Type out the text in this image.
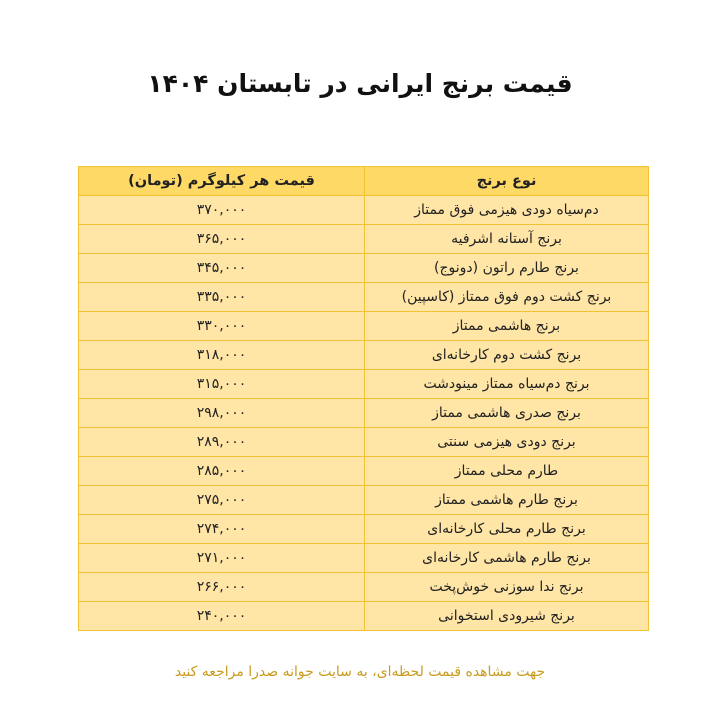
قیمت برنج ایرانی در تابستان ۱۴۰۴
نوع برنج	قیمت هر کیلوگرم (تومان)
دم‌سیاه دودی هیزمی فوق ممتاز	۳۷۰,۰۰۰
برنج آستانه اشرفیه	۳۶۵,۰۰۰
برنج طارم راتون (دونوج)	۳۴۵,۰۰۰
برنج کشت دوم فوق ممتاز (کاسپین)	۳۳۵,۰۰۰
برنج هاشمی ممتاز	۳۳۰,۰۰۰
برنج کشت دوم کارخانه‌ای	۳۱۸,۰۰۰
برنج دم‌سیاه ممتاز مینودشت	۳۱۵,۰۰۰
برنج صدری هاشمی ممتاز	۲۹۸,۰۰۰
برنج دودی هیزمی سنتی	۲۸۹,۰۰۰
طارم محلی ممتاز	۲۸۵,۰۰۰
برنج طارم هاشمی ممتاز	۲۷۵,۰۰۰
برنج طارم محلی کارخانه‌ای	۲۷۴,۰۰۰
برنج طارم هاشمی کارخانه‌ای	۲۷۱,۰۰۰
برنج ندا سوزنی خوش‌پخت	۲۶۶,۰۰۰
برنج شیرودی استخوانی	۲۴۰,۰۰۰

جهت مشاهده قیمت لحظه‌ای، به سایت جوانه صدرا مراجعه کنید
